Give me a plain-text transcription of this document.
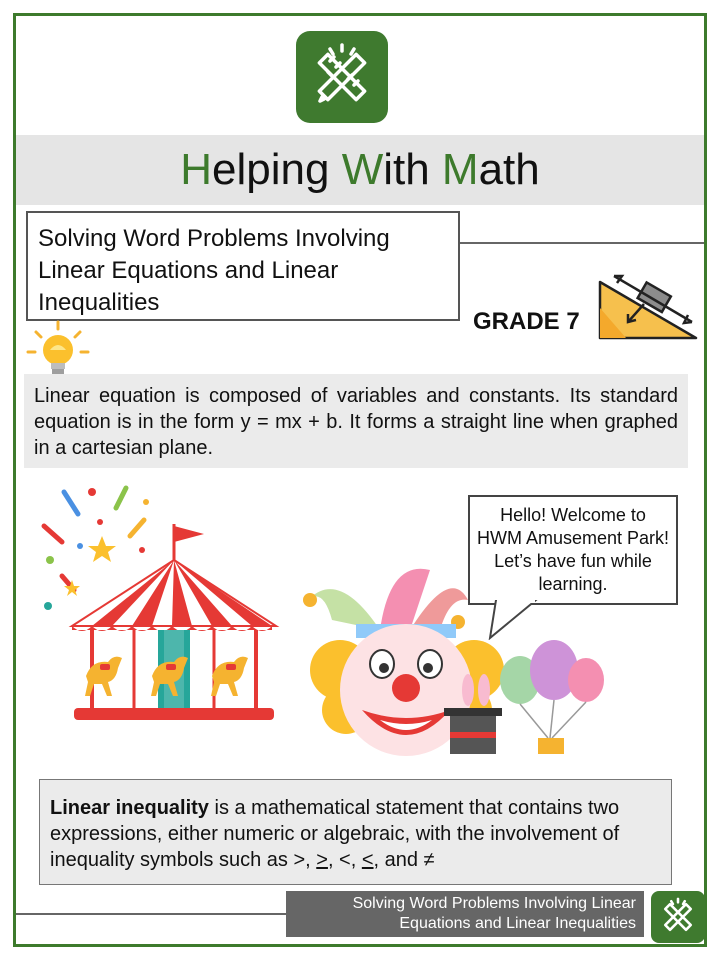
Helping With Math
Solving Word Problems Involving Linear Equations and Linear Inequalities
GRADE 7
Linear equation is composed of variables and constants. Its standard equation is in the form y = mx + b. It forms a straight line when graphed in a cartesian plane.
Hello! Welcome to HWM Amusement Park! Let’s have fun while learning.
Linear inequality is a mathematical statement that contains two expressions, either numeric or algebraic, with the involvement of inequality symbols such as >, >, <, <, and ≠
Solving Word Problems Involving Linear Equations and Linear Inequalities
